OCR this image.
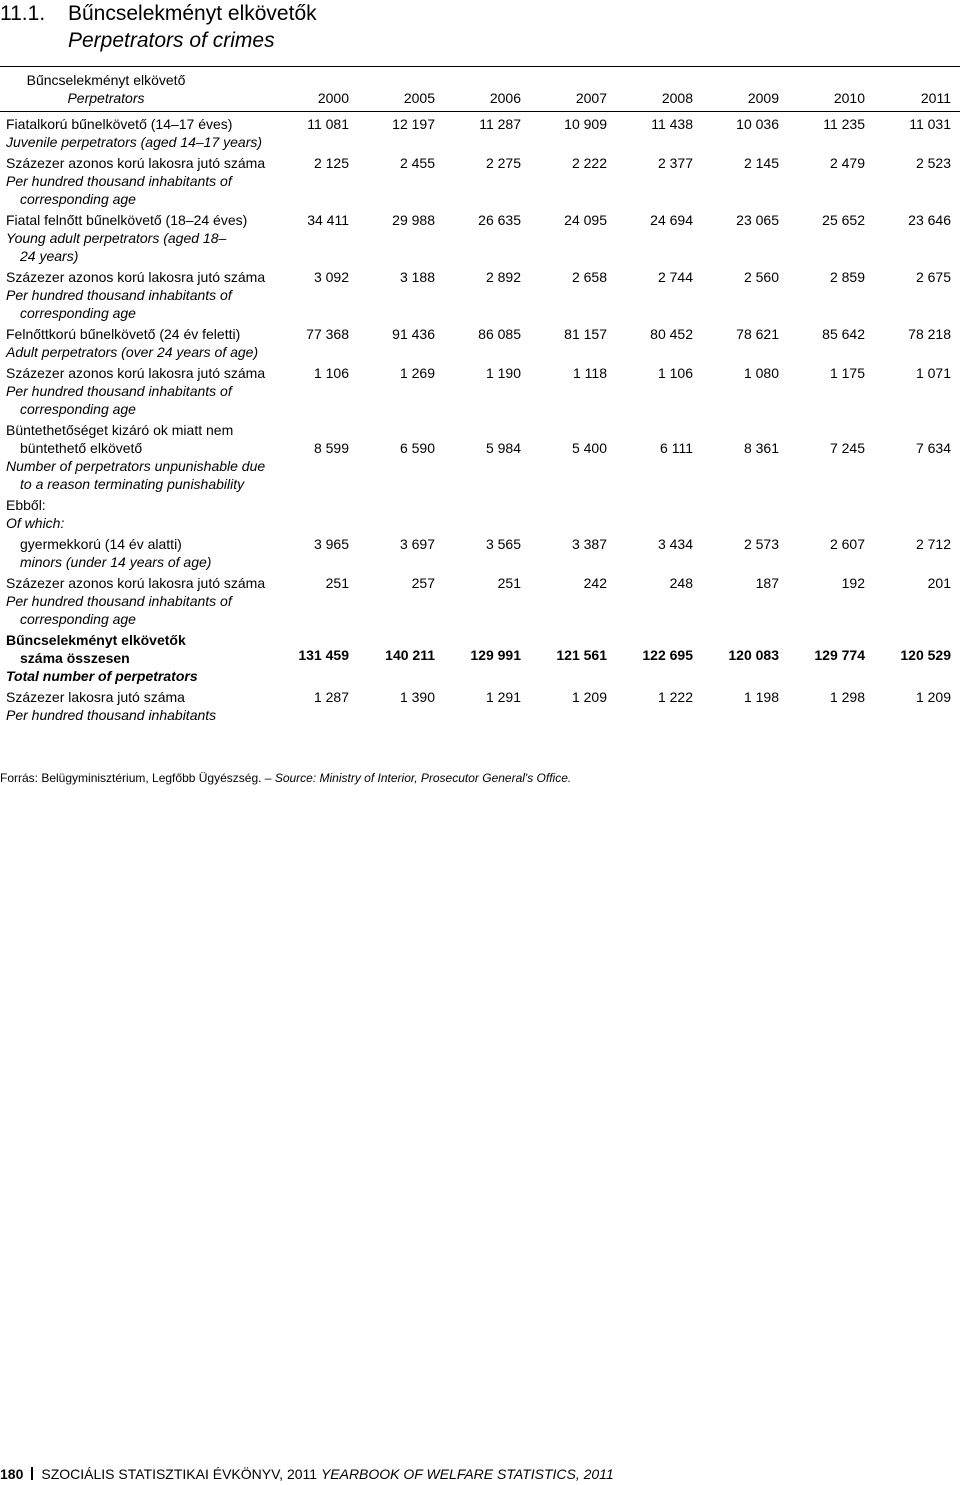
11.1. Bűncselekményt elkövetők
Perpetrators of crimes
Bűncselekményt elkövető
Perpetrators	2000	2005	2006	2007	2008	2009	2010	2011

Fiatalkorú bűnelkövető (14–17 éves)
Juvenile perpetrators (aged 14–17 years)	11 081	12 197	11 287	10 909	11 438	10 036	11 235	11 031

Százezer azonos korú lakosra jutó száma
Per hundred thousand inhabitants of corresponding age	2 125	2 455	2 275	2 222	2 377	2 145	2 479	2 523

Fiatal felnőtt bűnelkövető (18–24 éves)
Young adult perpetrators (aged 18–24 years)	34 411	29 988	26 635	24 095	24 694	23 065	25 652	23 646

Százezer azonos korú lakosra jutó száma
Per hundred thousand inhabitants of corresponding age	3 092	3 188	2 892	2 658	2 744	2 560	2 859	2 675

Felnőttkorú bűnelkövető (24 év feletti)
Adult perpetrators (over 24 years of age)	77 368	91 436	86 085	81 157	80 452	78 621	85 642	78 218

Százezer azonos korú lakosra jutó száma
Per hundred thousand inhabitants of corresponding age	1 106	1 269	1 190	1 118	1 106	1 080	1 175	1 071

Büntethetőséget kizáró ok miatt nem büntethető elkövető
Number of perpetrators unpunishable due to a reason terminating punishability	8 599	6 590	5 984	5 400	6 111	8 361	7 245	7 634

Ebből:
Of which:								

gyermekkorú (14 év alatti)
minors (under 14 years of age)	3 965	3 697	3 565	3 387	3 434	2 573	2 607	2 712

Százezer azonos korú lakosra jutó száma
Per hundred thousand inhabitants of corresponding age	251	257	251	242	248	187	192	201

Bűncselekményt elkövetők száma összesen
Total number of perpetrators	131 459	140 211	129 991	121 561	122 695	120 083	129 774	120 529

Százezer lakosra jutó száma
Per hundred thousand inhabitants	1 287	1 390	1 291	1 209	1 222	1 198	1 298	1 209
Forrás: Belügyminisztérium, Legfőbb Ügyészség. – Source: Ministry of Interior, Prosecutor General's Office.
180 SZOCIÁLIS STATISZTIKAI ÉVKÖNYV, 2011 YEARBOOK OF WELFARE STATISTICS, 2011
